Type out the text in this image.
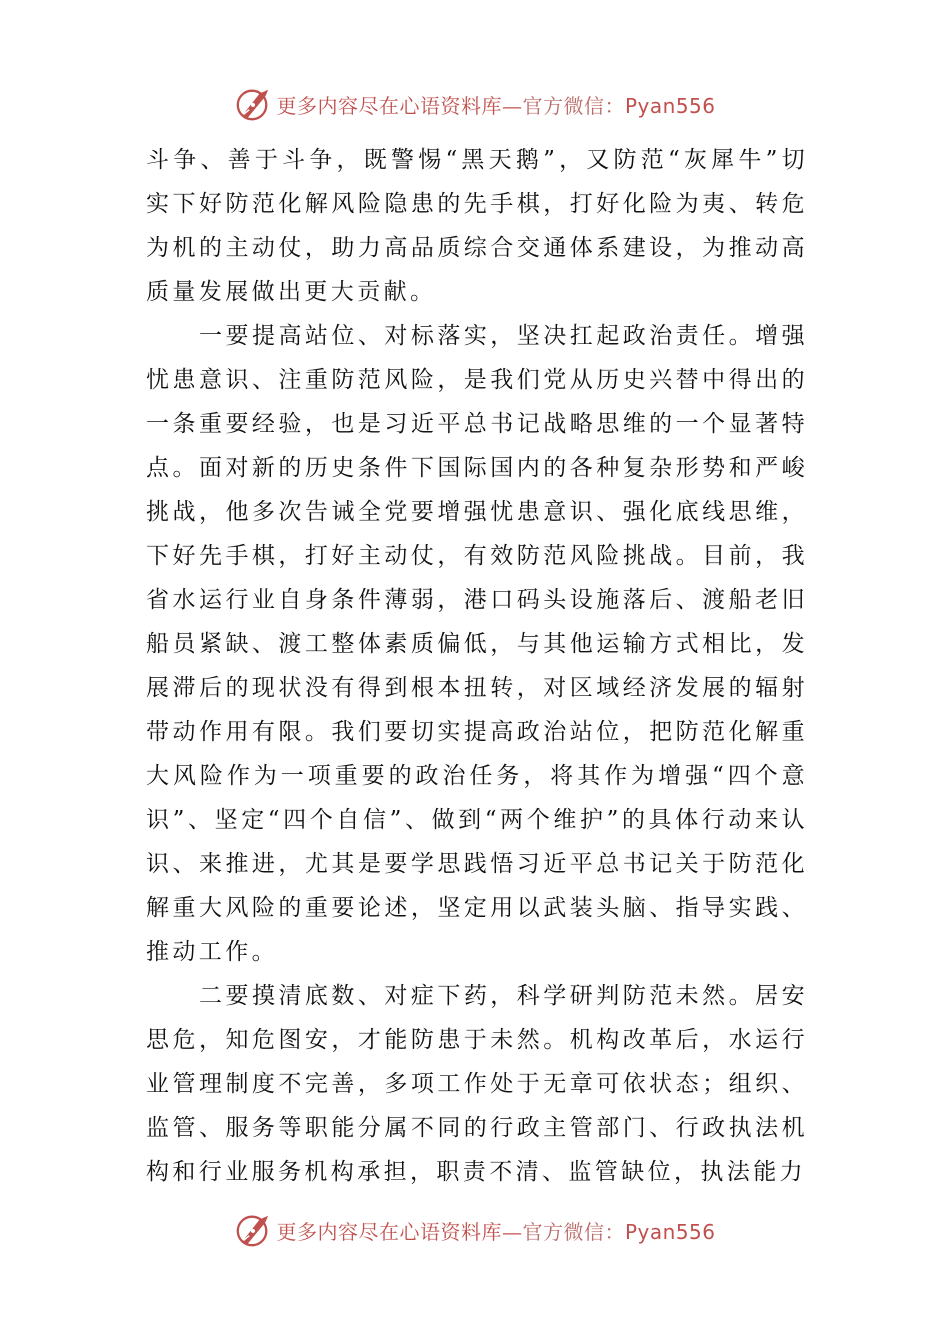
更多内容尽在心语资料库—官方微信：Pyan556

斗争、善于斗争，既警惕“黑天鹅”，又防范“灰犀牛”切实下好防范化解风险隐患的先手棋，打好化险为夷、转危为机的主动仗，助力高品质综合交通体系建设，为推动高质量发展做出更大贡献。

一要提高站位、对标落实，坚决扛起政治责任。增强忧患意识、注重防范风险，是我们党从历史兴替中得出的一条重要经验，也是习近平总书记战略思维的一个显著特点。面对新的历史条件下国际国内的各种复杂形势和严峻挑战，他多次告诫全党要增强忧患意识、强化底线思维，下好先手棋，打好主动仗，有效防范风险挑战。目前，我省水运行业自身条件薄弱，港口码头设施落后、渡船老旧船员紧缺、渡工整体素质偏低，与其他运输方式相比，发展滞后的现状没有得到根本扭转，对区域经济发展的辐射带动作用有限。我们要切实提高政治站位，把防范化解重大风险作为一项重要的政治任务，将其作为增强“四个意识”、坚定“四个自信”、做到“两个维护”的具体行动来认识、来推进，尤其是要学思践悟习近平总书记关于防范化解重大风险的重要论述，坚定用以武装头脑、指导实践、推动工作。

二要摸清底数、对症下药，科学研判防范未然。居安思危，知危图安，才能防患于未然。机构改革后，水运行业管理制度不完善，多项工作处于无章可依状态；组织、监管、服务等职能分属不同的行政主管部门、行政执法机构和行业服务机构承担，职责不清、监管缺位，执法能力

更多内容尽在心语资料库—官方微信：Pyan556
